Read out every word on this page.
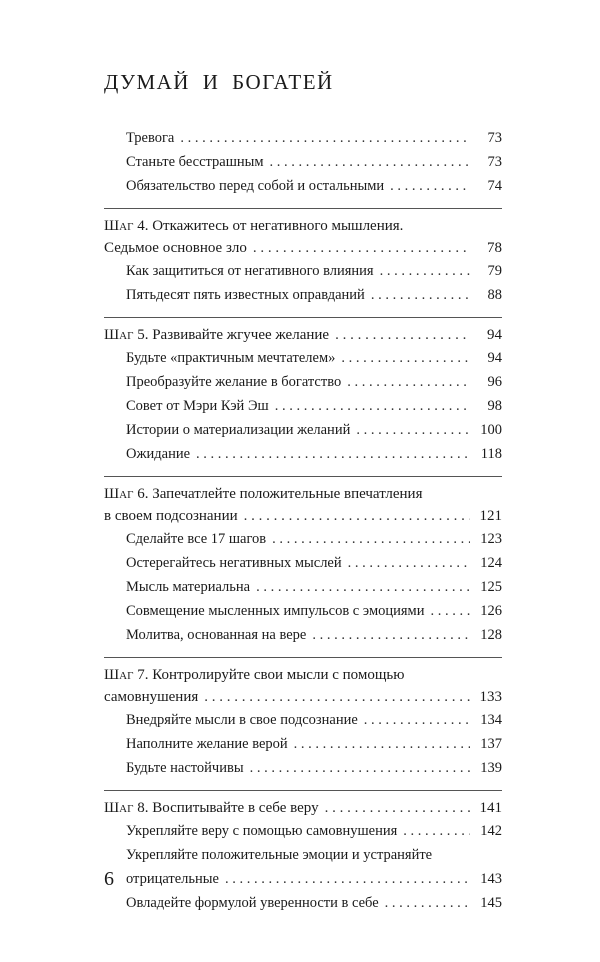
ДУМАЙ И БОГАТЕЙ
Тревога . . .	73
Станьте бесстрашным . . .	73
Обязательство перед собой и остальными . . .	74
Шаг 4. Откажитесь от негативного мышления.
Седьмое основное зло . . .	78
Как защититься от негативного влияния . . .	79
Пятьдесят пять известных оправданий . . .	88
Шаг 5. Развивайте жгучее желание . . .	94
Будьте «практичным мечтателем» . . .	94
Преобразуйте желание в богатство . . .	96
Совет от Мэри Кэй Эш . . .	98
Истории о материализации желаний . . .	100
Ожидание . . .	118
Шаг 6. Запечатлейте положительные впечатления
в своем подсознании . . .	121
Сделайте все 17 шагов . . .	123
Остерегайтесь негативных мыслей . . .	124
Мысль материальна . . .	125
Совмещение мысленных импульсов с эмоциями . . .	126
Молитва, основанная на вере . . .	128
Шаг 7. Контролируйте свои мысли с помощью
самовнушения . . .	133
Внедряйте мысли в свое подсознание . . .	134
Наполните желание верой . . .	137
Будьте настойчивы . . .	139
Шаг 8. Воспитывайте в себе веру . . .	141
Укрепляйте веру с помощью самовнушения . . .	142
Укрепляйте положительные эмоции и устраняйте
отрицательные . . .	143
Овладейте формулой уверенности в себе . . .	145
6
